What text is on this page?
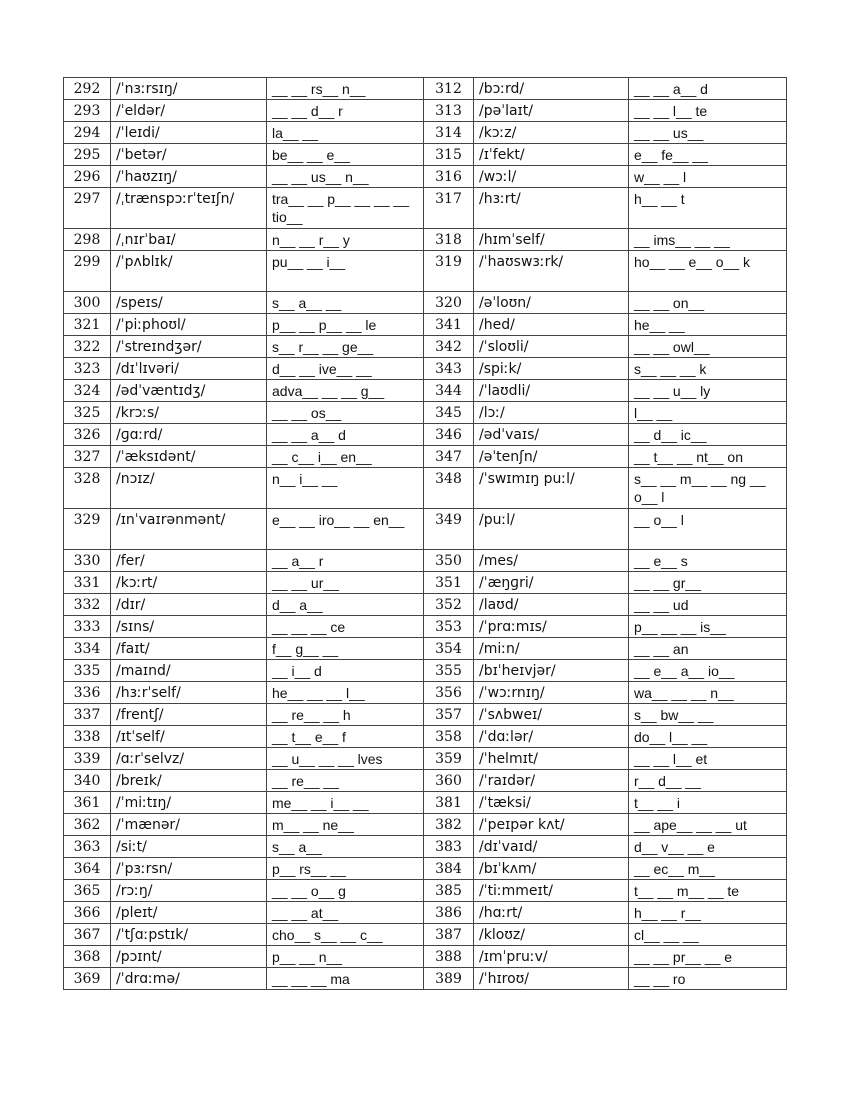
292	/ˈnɜːrsɪŋ/	__ __ rs__ n__	312	/bɔːrd/	__ __ a__ d
293	/ˈeldər/	__ __ d__ r	313	/pəˈlaɪt/	__ __ l__ te
294	/ˈleɪdi/	la__ __	314	/kɔːz/	__ __ us__
295	/ˈbetər/	be__ __ e__	315	/ɪˈfekt/	e__ fe__ __
296	/ˈhaʊzɪŋ/	__ __ us__ n__	316	/wɔːl/	w__ __ l
297	/ˌtrænspɔːrˈteɪʃn/	tra__ __ p__ __ __ __ tio__	317	/hɜːrt/	h__ __ t
298	/ˌnɪrˈbaɪ/	n__ __ r__ y	318	/hɪmˈself/	__ ims__ __ __
299	/ˈpʌblɪk/	pu__ __ i__	319	/ˈhaʊswɜːrk/	ho__ __ e__ o__ k
300	/speɪs/	s__ a__ __	320	/əˈloʊn/	__ __ on__
321	/ˈpiːphoʊl/	p__ __ p__ __ le	341	/hed/	he__ __
322	/ˈstreɪndʒər/	s__ r__ __ ge__	342	/ˈsloʊli/	__ __ owl__
323	/dɪˈlɪvəri/	d__ __ ive__ __	343	/spiːk/	s__ __ __ k
324	/ədˈvæntɪdʒ/	adva__ __ __ g__	344	/ˈlaʊdli/	__ __ u__ ly
325	/krɔːs/	__ __ os__	345	/lɔː/	l__ __
326	/ɡɑːrd/	__ __ a__ d	346	/ədˈvaɪs/	__ d__ ic__
327	/ˈæksɪdənt/	__ c__ i__ en__	347	/əˈtenʃn/	__ t__ __ nt__ on
328	/nɔɪz/	n__ i__ __	348	/ˈswɪmɪŋ puːl/	s__ __ m__ __ ng __ o__ l
329	/ɪnˈvaɪrənmənt/	e__ __ iro__ __ en__	349	/puːl/	__ o__ l
330	/fer/	__ a__ r	350	/mes/	__ e__ s
331	/kɔːrt/	__ __ ur__	351	/ˈæŋɡri/	__ __ gr__
332	/dɪr/	d__ a__	352	/laʊd/	__ __ ud
333	/sɪns/	__ __ __ ce	353	/ˈprɑːmɪs/	p__ __ __ is__
334	/faɪt/	f__ g__ __	354	/miːn/	__ __ an
335	/maɪnd/	__ i__ d	355	/bɪˈheɪvjər/	__ e__ a__ io__
336	/hɜːrˈself/	he__ __ __ l__	356	/ˈwɔːrnɪŋ/	wa__ __ __ n__
337	/frentʃ/	__ re__ __ h	357	/ˈsʌbweɪ/	s__ bw__ __
338	/ɪtˈself/	__ t__ e__ f	358	/ˈdɑːlər/	do__ l__ __
339	/ɑːrˈselvz/	__ u__ __ __ lves	359	/ˈhelmɪt/	__ __ l__ et
340	/breɪk/	__ re__ __	360	/ˈraɪdər/	r__ d__ __
361	/ˈmiːtɪŋ/	me__ __ i__ __	381	/ˈtæksi/	t__ __ i
362	/ˈmænər/	m__ __ ne__	382	/ˈpeɪpər kʌt/	__ ape__ __ __ ut
363	/siːt/	s__ a__	383	/dɪˈvaɪd/	d__ v__ __ e
364	/ˈpɜːrsn/	p__ rs__ __	384	/bɪˈkʌm/	__ ec__ m__
365	/rɔːŋ/	__ __ o__ g	385	/ˈtiːmmeɪt/	t__ __ m__ __ te
366	/pleɪt/	__ __ at__	386	/hɑːrt/	h__ __ r__
367	/ˈtʃɑːpstɪk/	cho__ s__ __ c__	387	/kloʊz/	cl__ __ __
368	/pɔɪnt/	p__ __ n__	388	/ɪmˈpruːv/	__ __ pr__ __ e
369	/ˈdrɑːmə/	__ __ __ ma	389	/ˈhɪroʊ/	__ __ ro
